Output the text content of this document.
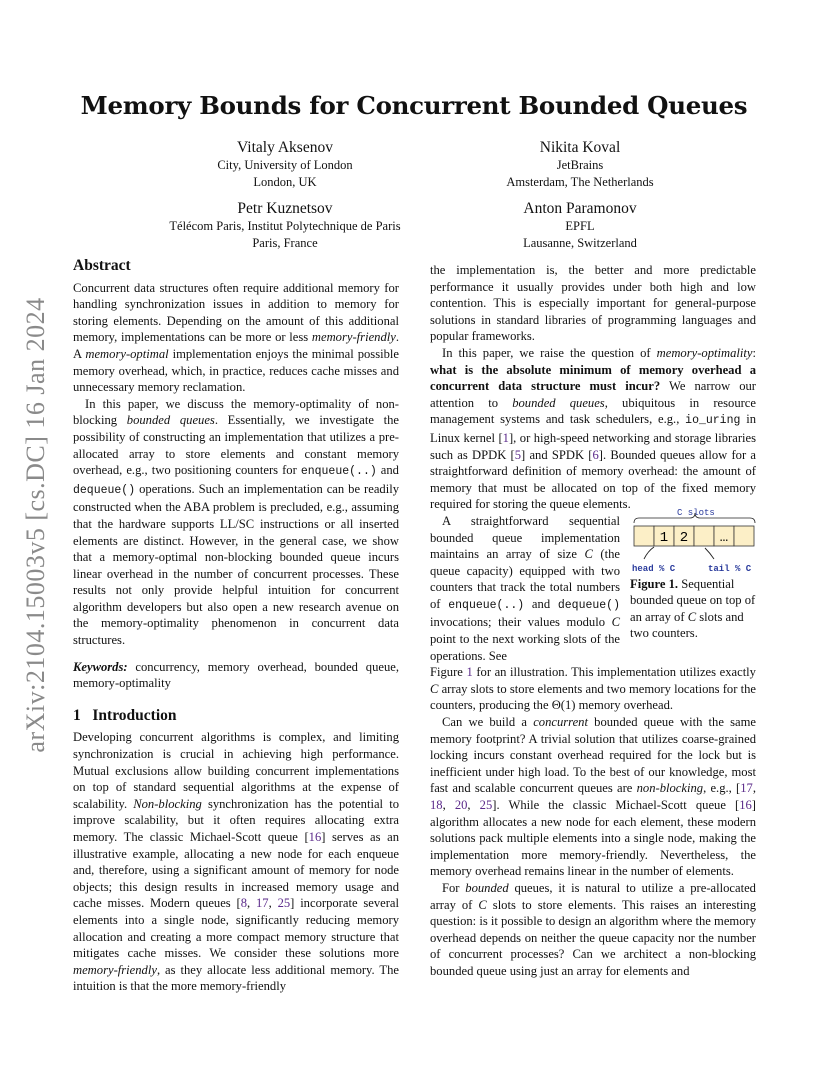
arXiv:2104.15003v5 [cs.DC] 16 Jan 2024
Memory Bounds for Concurrent Bounded Queues
Vitaly Aksenov
City, University of London
London, UK
Nikita Koval
JetBrains
Amsterdam, The Netherlands
Petr Kuznetsov
Télécom Paris, Institut Polytechnique de Paris
Paris, France
Anton Paramonov
EPFL
Lausanne, Switzerland
Abstract

Concurrent data structures often require additional memory for handling synchronization issues in addition to memory for storing elements. Depending on the amount of this additional memory, implementations can be more or less memory-friendly. A memory-optimal implementation enjoys the minimal possible memory overhead, which, in practice, reduces cache misses and unnecessary memory reclamation.

In this paper, we discuss the memory-optimality of non-blocking bounded queues. Essentially, we investigate the possibility of constructing an implementation that utilizes a pre-allocated array to store elements and constant memory overhead, e.g., two positioning counters for enqueue(..) and dequeue() operations. Such an implementation can be readily constructed when the ABA problem is precluded, e.g., assuming that the hardware supports LL/SC instructions or all inserted elements are distinct. However, in the general case, we show that a memory-optimal non-blocking bounded queue incurs linear overhead in the number of concurrent processes. These results not only provide helpful intuition for concurrent algorithm developers but also open a new research avenue on the memory-optimality phenomenon in concurrent data structures.

Keywords: concurrency, memory overhead, bounded queue, memory-optimality

1 Introduction

Developing concurrent algorithms is complex, and limiting synchronization is crucial in achieving high performance. Mutual exclusions allow building concurrent implementations on top of standard sequential algorithms at the expense of scalability. Non-blocking synchronization has the potential to improve scalability, but it often requires allocating extra memory. The classic Michael-Scott queue [16] serves as an illustrative example, allocating a new node for each enqueue and, therefore, using a significant amount of memory for node objects; this design results in increased memory usage and cache misses. Modern queues [8, 17, 25] incorporate several elements into a single node, significantly reducing memory allocation and creating a more compact memory structure that mitigates cache misses. We consider these solutions more memory-friendly, as they allocate less additional memory. The intuition is that the more memory-friendly

the implementation is, the better and more predictable performance it usually provides under both high and low contention. This is especially important for general-purpose solutions in standard libraries of programming languages and popular frameworks.

In this paper, we raise the question of memory-optimality: what is the absolute minimum of memory overhead a concurrent data structure must incur? We narrow our attention to bounded queues, ubiquitous in resource management systems and task schedulers, e.g., io_uring in Linux kernel [1], or high-speed networking and storage libraries such as DPDK [5] and SPDK [6]. Bounded queues allow for a straightforward definition of memory overhead: the amount of memory that must be allocated on top of the fixed memory required for storing the queue elements.

A straightforward sequential bounded queue implementation maintains an array of size C (the queue capacity) equipped with two counters that track the total numbers of enqueue(..) and dequeue() invocations; their values modulo C point to the next working slots of the operations. See

Figure 1 for an illustration. This implementation utilizes exactly C array slots to store elements and two memory locations for the counters, producing the Θ(1) memory overhead.

Can we build a concurrent bounded queue with the same memory footprint? A trivial solution that utilizes coarse-grained locking incurs constant overhead required for the lock but is inefficient under high load. To the best of our knowledge, most fast and scalable concurrent queues are non-blocking, e.g., [17, 18, 20, 25]. While the classic Michael-Scott queue [16] algorithm allocates a new node for each element, these modern solutions pack multiple elements into a single node, making the implementation more memory-friendly. Nevertheless, the memory overhead remains linear in the number of elements.

For bounded queues, it is natural to utilize a pre-allocated array of C slots to store elements. This raises an interesting question: is it possible to design an algorithm where the memory overhead depends on neither the queue capacity nor the number of concurrent processes? Can we architect a non-blocking bounded queue using just an array for elements and

C slots
1 2 …
head % C	tail % C
Figure 1. Sequential bounded queue on top of an array of C slots and two counters.
